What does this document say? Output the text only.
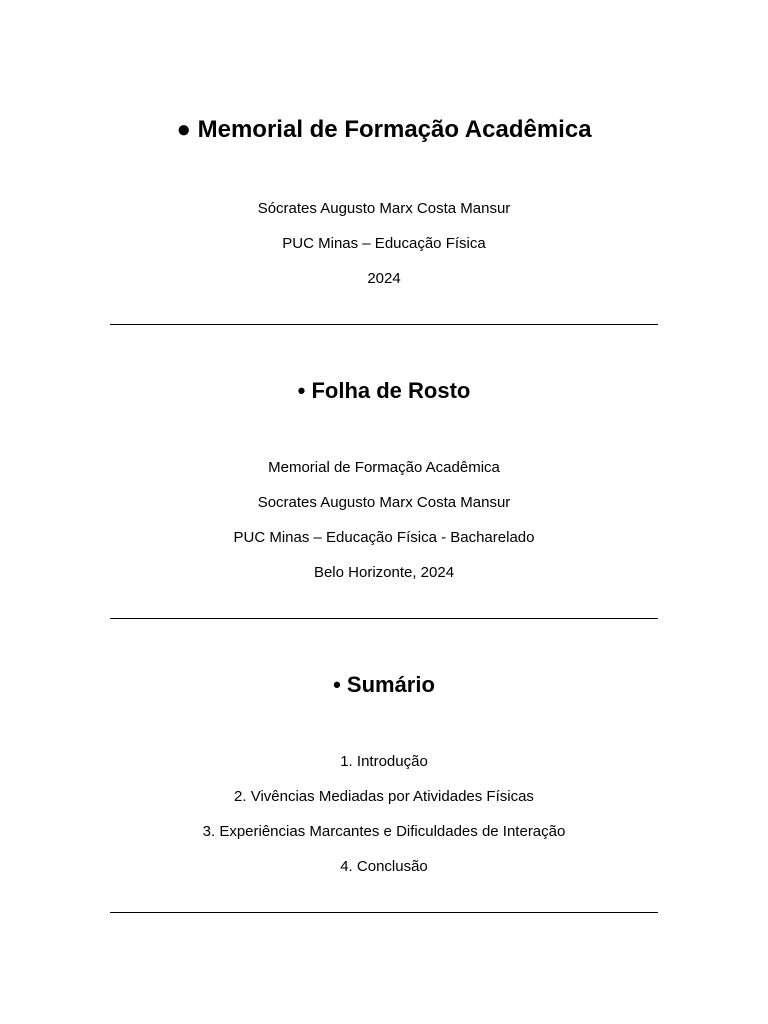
● Memorial de Formação Acadêmica

Sócrates Augusto Marx Costa Mansur

PUC Minas – Educação Física

2024

• Folha de Rosto

Memorial de Formação Acadêmica

Socrates Augusto Marx Costa Mansur

PUC Minas – Educação Física - Bacharelado

Belo Horizonte, 2024

• Sumário

1. Introdução

2. Vivências Mediadas por Atividades Físicas

3. Experiências Marcantes e Dificuldades de Interação

4. Conclusão
